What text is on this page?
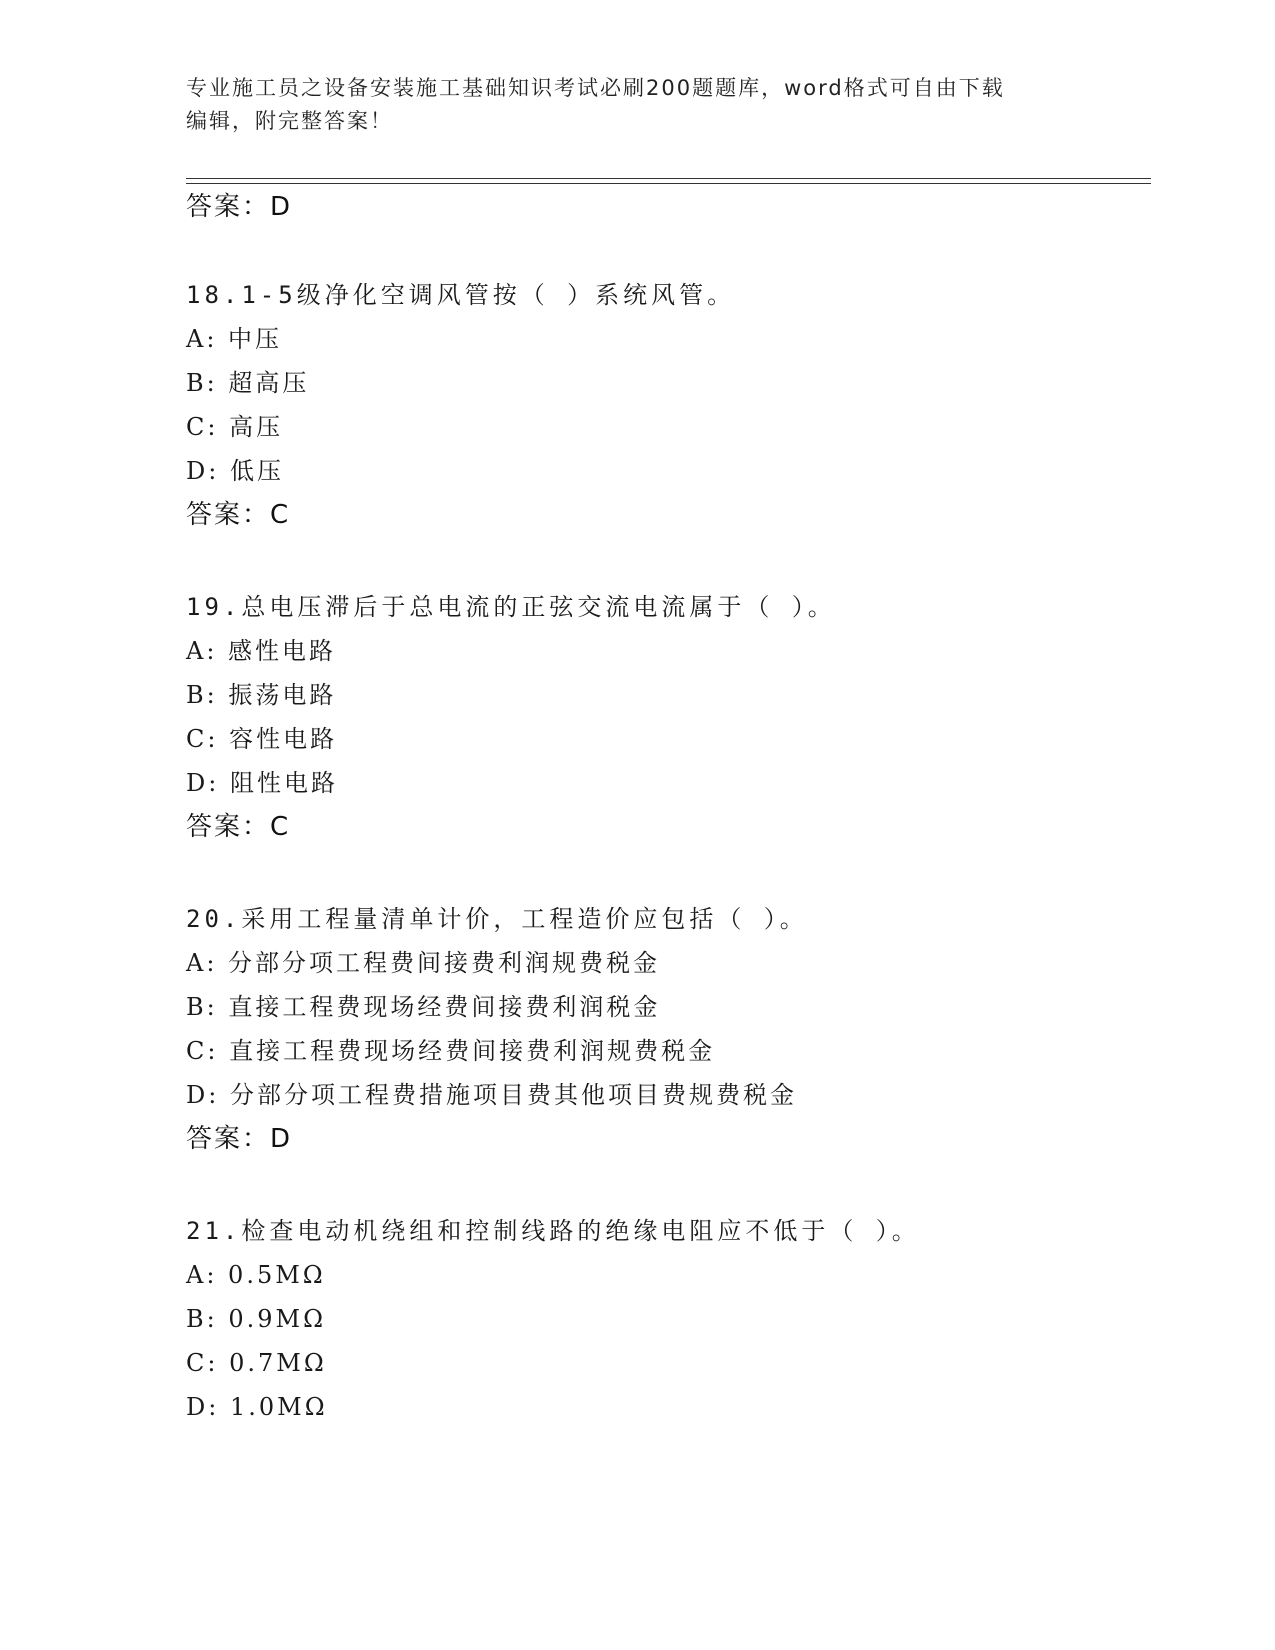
专业施工员之设备安装施工基础知识考试必刷200题题库，word格式可自由下载
编辑，附完整答案！
答案：D
18.1-5级净化空调风管按（ ）系统风管。
A: 中压
B: 超高压
C: 高压
D: 低压
答案：C
19.总电压滞后于总电流的正弦交流电流属于（ ）。
A: 感性电路
B: 振荡电路
C: 容性电路
D: 阻性电路
答案：C
20.采用工程量清单计价，工程造价应包括（ ）。
A: 分部分项工程费间接费利润规费税金
B: 直接工程费现场经费间接费利润税金
C: 直接工程费现场经费间接费利润规费税金
D: 分部分项工程费措施项目费其他项目费规费税金
答案：D
21.检查电动机绕组和控制线路的绝缘电阻应不低于（ ）。
A: 0.5MΩ
B: 0.9MΩ
C: 0.7MΩ
D: 1.0MΩ
